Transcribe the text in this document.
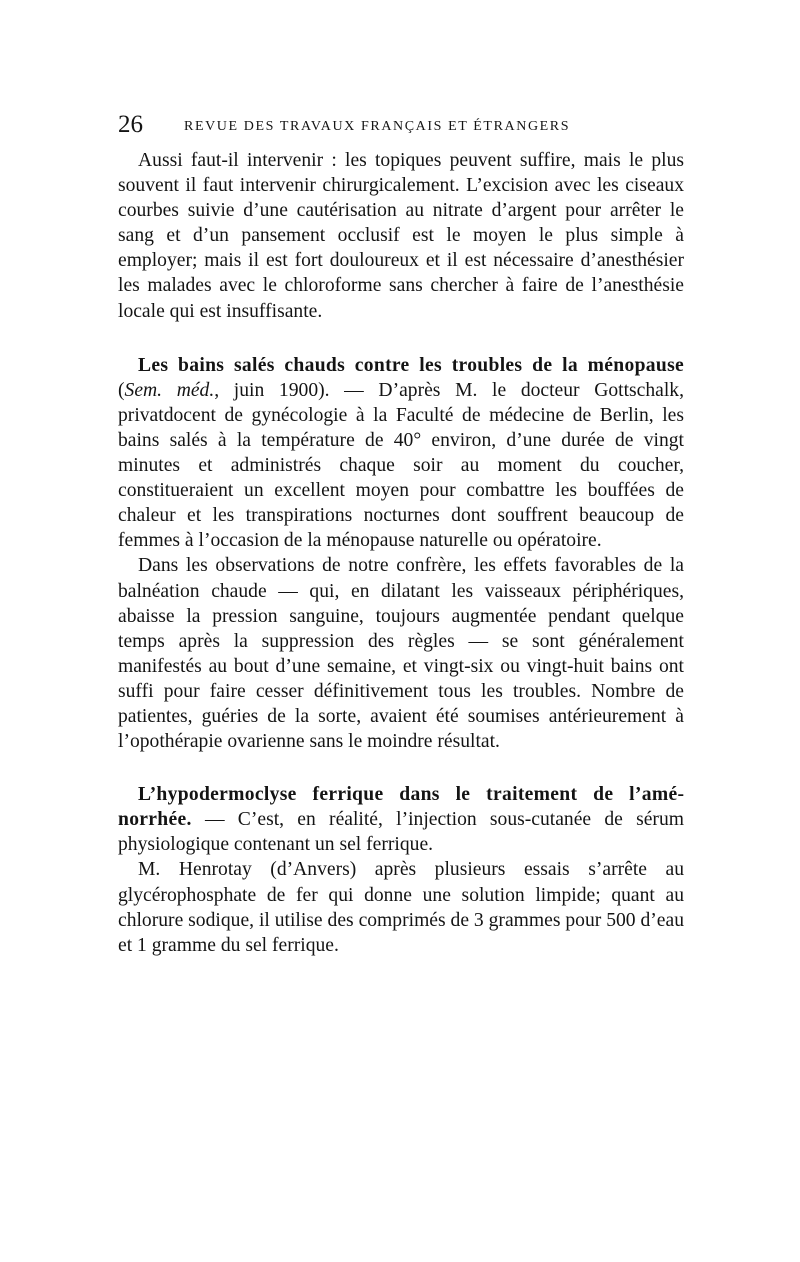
26	REVUE DES TRAVAUX FRANÇAIS ET ÉTRANGERS

Aussi faut-il intervenir : les topiques peuvent suffire, mais le plus souvent il faut intervenir chirurgicalement. L’excision avec les ciseaux courbes suivie d’une cautérisation au nitrate d’argent pour arrêter le sang et d’un pansement occlusif est le moyen le plus simple à employer; mais il est fort douloureux et il est nécessaire d’anesthésier les malades avec le chloroforme sans chercher à faire de l’anesthésie locale qui est insuffisante.

Les bains salés chauds contre les troubles de la ménopause (Sem. méd., juin 1900). — D’après M. le docteur Gottschalk, privatdocent de gynécologie à la Faculté de médecine de Berlin, les bains salés à la température de 40° environ, d’une durée de vingt minutes et administrés chaque soir au moment du coucher, constitueraient un excellent moyen pour combattre les bouffées de chaleur et les transpirations nocturnes dont souffrent beaucoup de femmes à l’occasion de la ménopause naturelle ou opératoire.

Dans les observations de notre confrère, les effets favorables de la balnéation chaude — qui, en dilatant les vaisseaux périphériques, abaisse la pression sanguine, toujours augmentée pendant quelque temps après la suppression des règles — se sont généralement manifestés au bout d’une semaine, et vingt-six ou vingt-huit bains ont suffi pour faire cesser définitivement tous les troubles. Nombre de patientes, guéries de la sorte, avaient été soumises antérieurement à l’opothérapie ovarienne sans le moindre résultat.

L’hypodermoclyse ferrique dans le traitement de l’aménorrhée. — C’est, en réalité, l’injection sous-cutanée de sérum physiologique contenant un sel ferrique.

M. Henrotay (d’Anvers) après plusieurs essais s’arrête au glycérophosphate de fer qui donne une solution limpide; quant au chlorure sodique, il utilise des comprimés de 3 grammes pour 500 d’eau et 1 gramme du sel ferrique.
